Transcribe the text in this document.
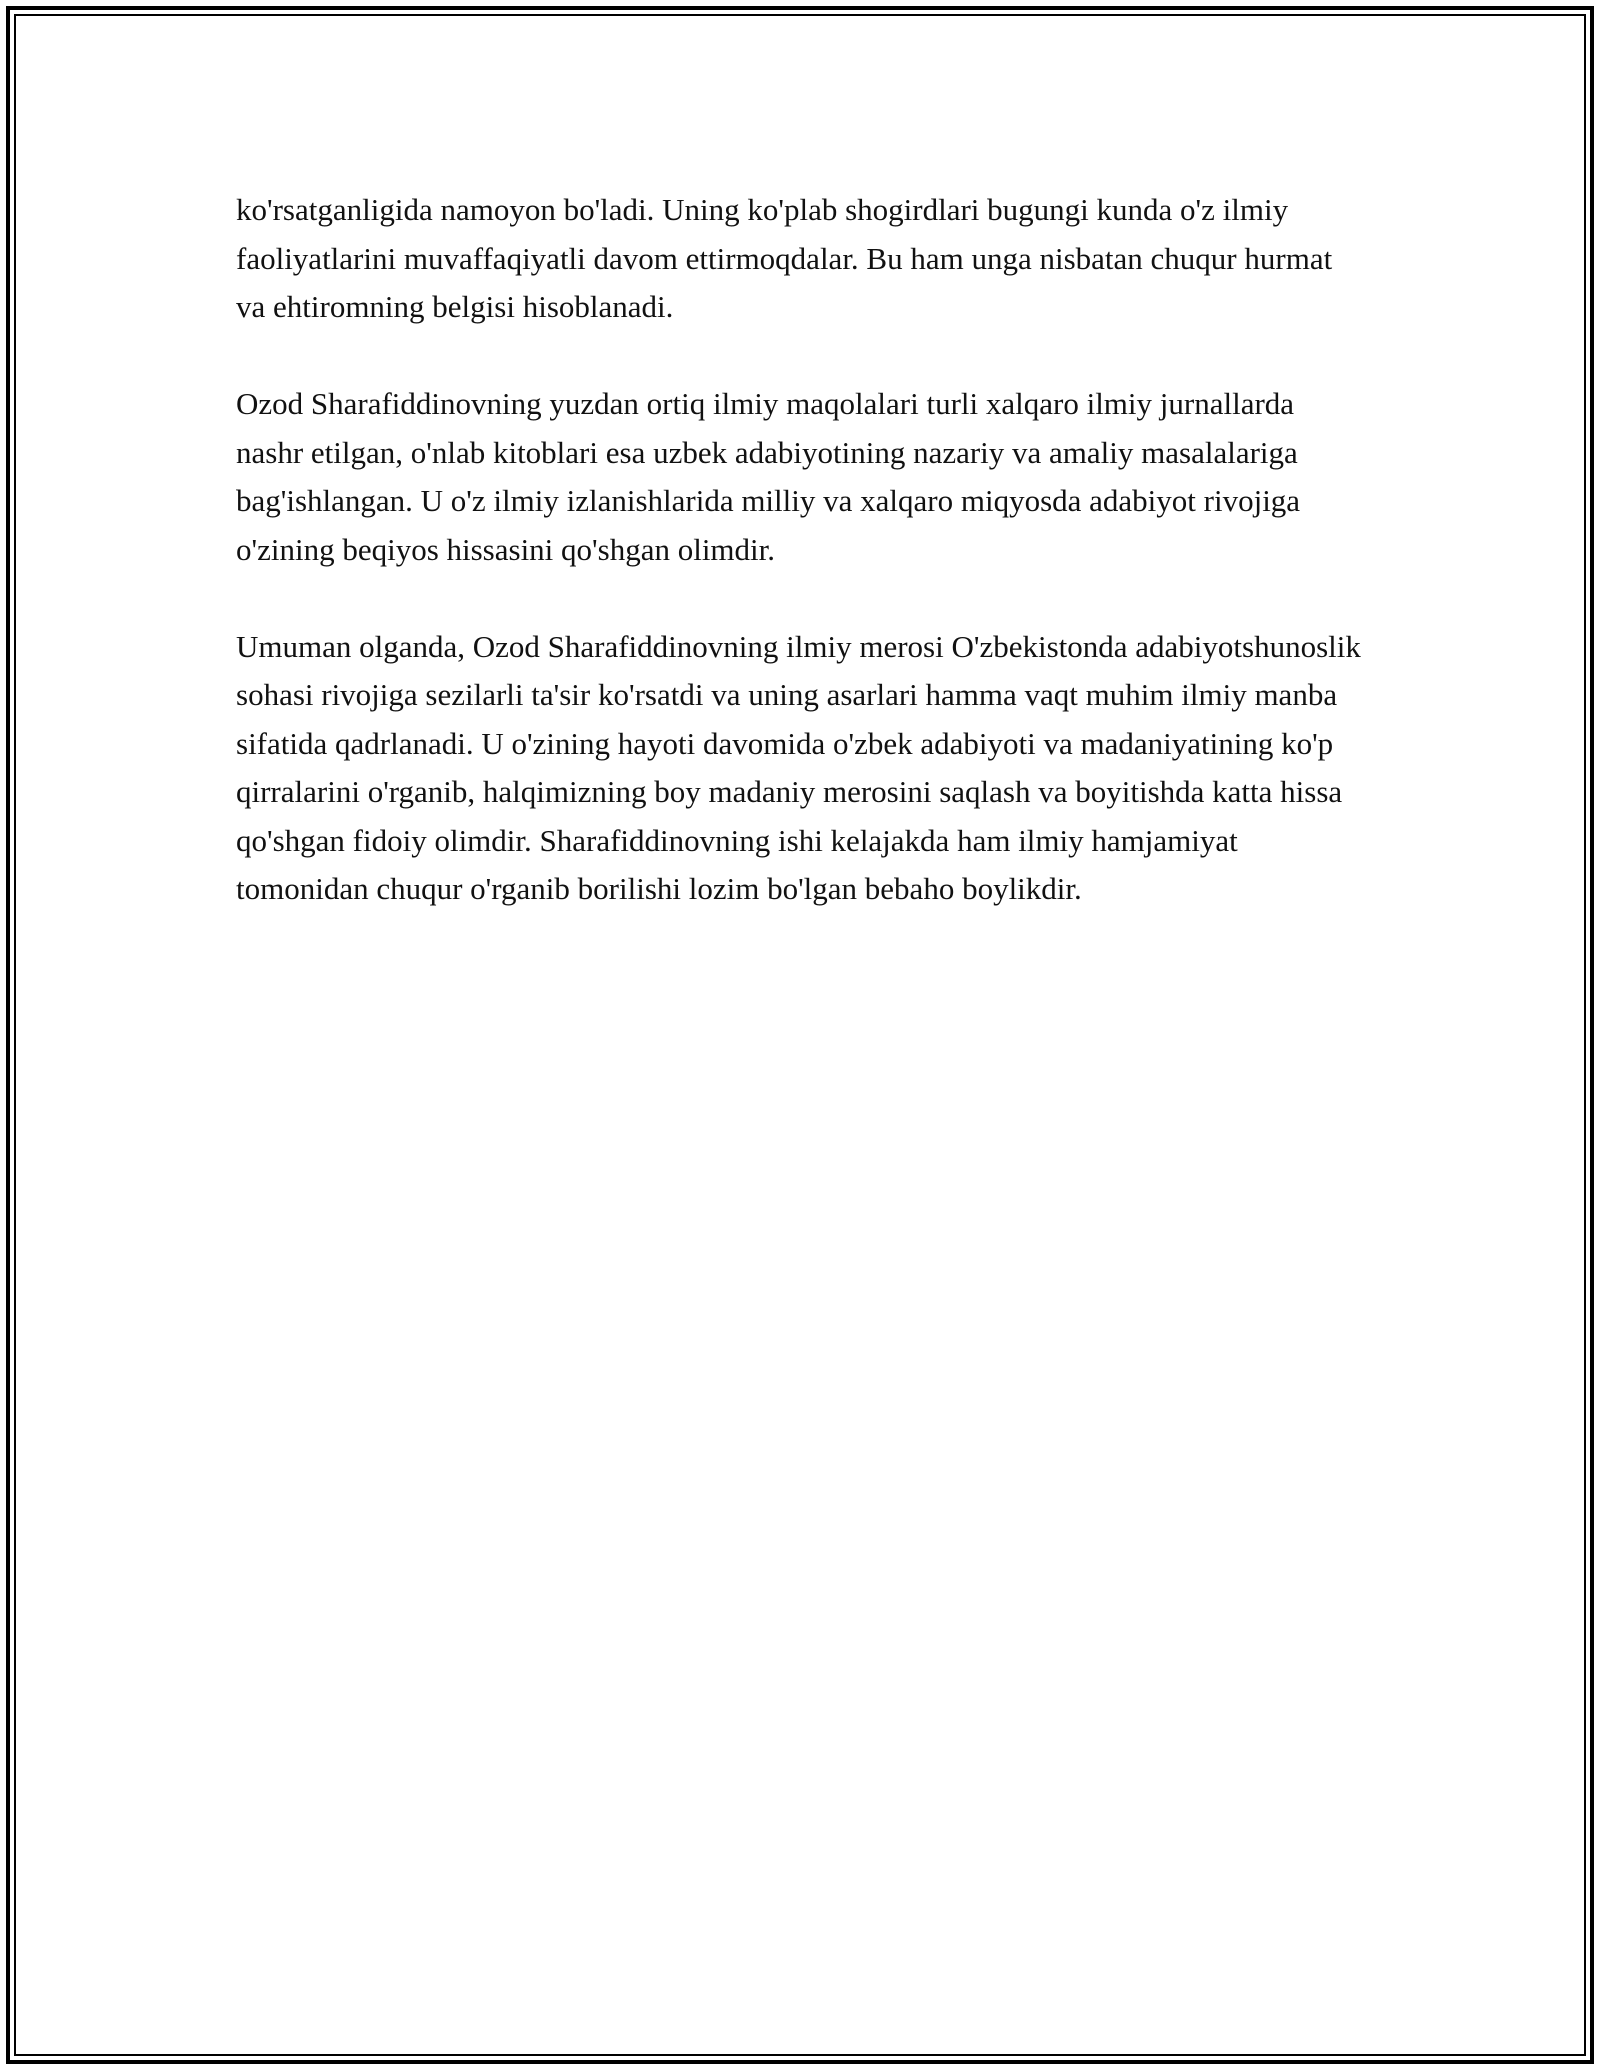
ko'rsatganligida namoyon bo'ladi. Uning ko'plab shogirdlari bugungi kunda o'z ilmiy faoliyatlarini muvaffaqiyatli davom ettirmoqdalar. Bu ham unga nisbatan chuqur hurmat va ehtiromning belgisi hisoblanadi.

Ozod Sharafiddinovning yuzdan ortiq ilmiy maqolalari turli xalqaro ilmiy jurnallarda nashr etilgan, o'nlab kitoblari esa uzbek adabiyotining nazariy va amaliy masalalariga bag'ishlangan. U o'z ilmiy izlanishlarida milliy va xalqaro miqyosda adabiyot rivojiga o'zining beqiyos hissasini qo'shgan olimdir.

Umuman olganda, Ozod Sharafiddinovning ilmiy merosi O'zbekistonda adabiyotshunoslik sohasi rivojiga sezilarli ta'sir ko'rsatdi va uning asarlari hamma vaqt muhim ilmiy manba sifatida qadrlanadi. U o'zining hayoti davomida o'zbek adabiyoti va madaniyatining ko'p qirralarini o'rganib, halqimizning boy madaniy merosini saqlash va boyitishda katta hissa qo'shgan fidoiy olimdir. Sharafiddinovning ishi kelajakda ham ilmiy hamjamiyat tomonidan chuqur o'rganib borilishi lozim bo'lgan bebaho boylikdir.
